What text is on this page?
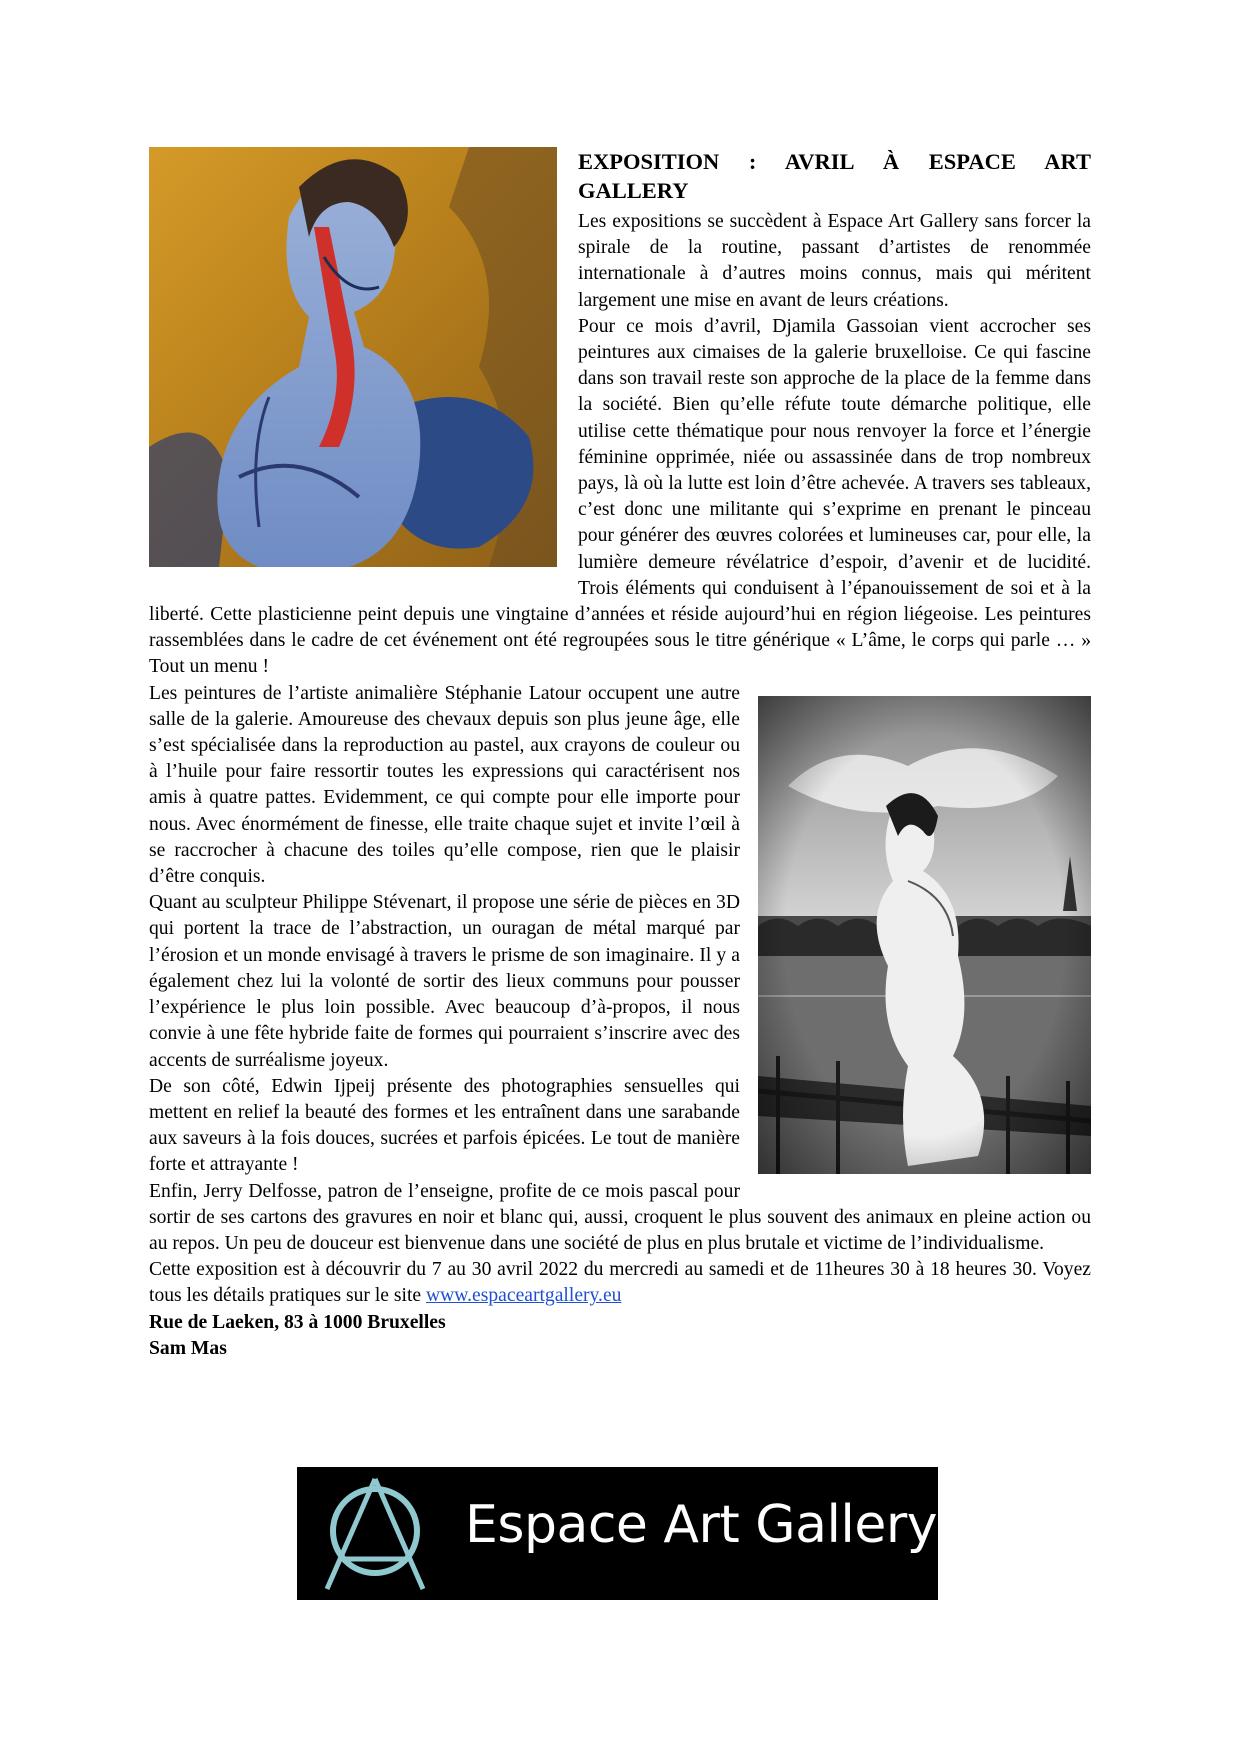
EXPOSITION : AVRIL À ESPACE ART GALLERY

Les expositions se succèdent à Espace Art Gallery sans forcer la spirale de la routine, passant d’artistes de renommée internationale à d’autres moins connus, mais qui méritent largement une mise en avant de leurs créations.

Pour ce mois d’avril, Djamila Gassoian vient accrocher ses peintures aux cimaises de la galerie bruxelloise. Ce qui fascine dans son travail reste son approche de la place de la femme dans la société. Bien qu’elle réfute toute démarche politique, elle utilise cette thématique pour nous renvoyer la force et l’énergie féminine opprimée, niée ou assassinée dans de trop nombreux pays, là où la lutte est loin d’être achevée. A travers ses tableaux, c’est donc une militante qui s’exprime en prenant le pinceau pour générer des œuvres colorées et lumineuses car, pour elle, la lumière demeure révélatrice d’espoir, d’avenir et de lucidité. Trois éléments qui conduisent à l’épanouissement de soi et à la liberté. Cette plasticienne peint depuis une vingtaine d’années et réside aujourd’hui en région liégeoise. Les peintures rassemblées dans le cadre de cet événement ont été regroupées sous le titre générique « L’âme, le corps qui parle … » Tout un menu !

Les peintures de l’artiste animalière Stéphanie Latour occupent une autre salle de la galerie. Amoureuse des chevaux depuis son plus jeune âge, elle s’est spécialisée dans la reproduction au pastel, aux crayons de couleur ou à l’huile pour faire ressortir toutes les expressions qui caractérisent nos amis à quatre pattes. Evidemment, ce qui compte pour elle importe pour nous. Avec énormément de finesse, elle traite chaque sujet et invite l’œil à se raccrocher à chacune des toiles qu’elle compose, rien que le plaisir d’être conquis.

Quant au sculpteur Philippe Stévenart, il propose une série de pièces en 3D qui portent la trace de l’abstraction, un ouragan de métal marqué par l’érosion et un monde envisagé à travers le prisme de son imaginaire. Il y a également chez lui la volonté de sortir des lieux communs pour pousser l’expérience le plus loin possible. Avec beaucoup d’à-propos, il nous convie à une fête hybride faite de formes qui pourraient s’inscrire avec des accents de surréalisme joyeux.

De son côté, Edwin Ijpeij présente des photographies sensuelles qui mettent en relief la beauté des formes et les entraînent dans une sarabande aux saveurs à la fois douces, sucrées et parfois épicées. Le tout de manière forte et attrayante !

Enfin, Jerry Delfosse, patron de l’enseigne, profite de ce mois pascal pour sortir de ses cartons des gravures en noir et blanc qui, aussi, croquent le plus souvent des animaux en pleine action ou au repos. Un peu de douceur est bienvenue dans une société de plus en plus brutale et victime de l’individualisme.

Cette exposition est à découvrir du 7 au 30 avril 2022 du mercredi au samedi et de 11heures 30 à 18 heures 30. Voyez tous les détails pratiques sur le site www.espaceartgallery.eu

Rue de Laeken, 83 à 1000 Bruxelles

Sam Mas

Espace Art Gallery
